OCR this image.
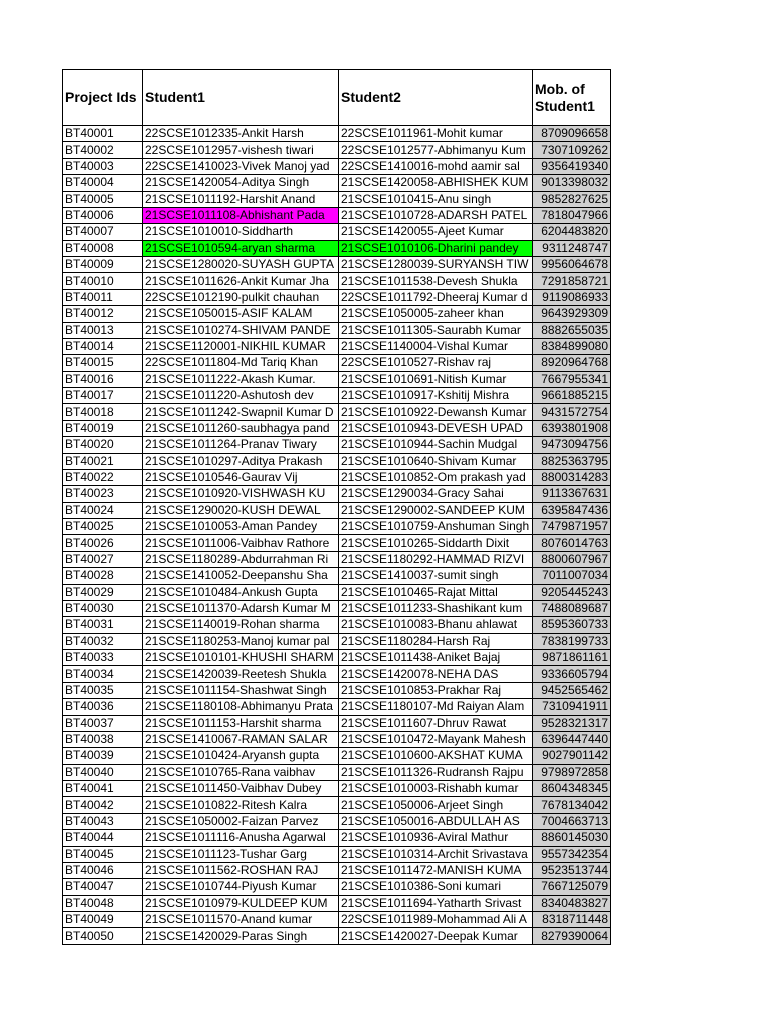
Project Ids	Student1	Student2	Mob. of Student1
BT40001	22SCSE1012335-Ankit Harsh	22SCSE1011961-Mohit kumar	8709096658
BT40002	22SCSE1012957-vishesh tiwari	22SCSE1012577-Abhimanyu Kum	7307109262
BT40003	22SCSE1410023-Vivek Manoj yad	22SCSE1410016-mohd aamir sal	9356419340
BT40004	21SCSE1420054-Aditya Singh	21SCSE1420058-ABHISHEK KUM	9013398032
BT40005	21SCSE1011192-Harshit Anand	21SCSE1010415-Anu singh	9852827625
BT40006	21SCSE1011108-Abhishant Pada	21SCSE1010728-ADARSH PATEL	7818047966
BT40007	21SCSE1010010-Siddharth	21SCSE1420055-Ajeet Kumar	6204483820
BT40008	21SCSE1010594-aryan sharma	21SCSE1010106-Dharini pandey	9311248747
BT40009	21SCSE1280020-SUYASH GUPTA	21SCSE1280039-SURYANSH TIW	9956064678
BT40010	21SCSE1011626-Ankit Kumar Jha	21SCSE1011538-Devesh Shukla	7291858721
BT40011	22SCSE1012190-pulkit chauhan	22SCSE1011792-Dheeraj Kumar d	9119086933
BT40012	21SCSE1050015-ASIF KALAM	21SCSE1050005-zaheer khan	9643929309
BT40013	21SCSE1010274-SHIVAM PANDE	21SCSE1011305-Saurabh Kumar	8882655035
BT40014	21SCSE1120001-NIKHIL KUMAR	21SCSE1140004-Vishal Kumar	8384899080
BT40015	22SCSE1011804-Md Tariq Khan	22SCSE1010527-Rishav raj	8920964768
BT40016	21SCSE1011222-Akash Kumar.	21SCSE1010691-Nitish Kumar	7667955341
BT40017	21SCSE1011220-Ashutosh dev	21SCSE1010917-Kshitij Mishra	9661885215
BT40018	21SCSE1011242-Swapnil Kumar D	21SCSE1010922-Dewansh Kumar	9431572754
BT40019	21SCSE1011260-saubhagya pand	21SCSE1010943-DEVESH UPAD	6393801908
BT40020	21SCSE1011264-Pranav Tiwary	21SCSE1010944-Sachin Mudgal	9473094756
BT40021	21SCSE1010297-Aditya Prakash	21SCSE1010640-Shivam Kumar	8825363795
BT40022	21SCSE1010546-Gaurav Vij	21SCSE1010852-Om prakash yad	8800314283
BT40023	21SCSE1010920-VISHWASH KU	21SCSE1290034-Gracy Sahai	9113367631
BT40024	21SCSE1290020-KUSH DEWAL	21SCSE1290002-SANDEEP KUM	6395847436
BT40025	21SCSE1010053-Aman Pandey	21SCSE1010759-Anshuman Singh	7479871957
BT40026	21SCSE1011006-Vaibhav Rathore	21SCSE1010265-Siddarth Dixit	8076014763
BT40027	21SCSE1180289-Abdurrahman Ri	21SCSE1180292-HAMMAD RIZVI	8800607967
BT40028	21SCSE1410052-Deepanshu Sha	21SCSE1410037-sumit singh	7011007034
BT40029	21SCSE1010484-Ankush Gupta	21SCSE1010465-Rajat Mittal	9205445243
BT40030	21SCSE1011370-Adarsh Kumar M	21SCSE1011233-Shashikant kum	7488089687
BT40031	21SCSE1140019-Rohan sharma	21SCSE1010083-Bhanu ahlawat	8595360733
BT40032	21SCSE1180253-Manoj kumar pal	21SCSE1180284-Harsh Raj	7838199733
BT40033	21SCSE1010101-KHUSHI SHARM	21SCSE1011438-Aniket Bajaj	9871861161
BT40034	21SCSE1420039-Reetesh Shukla	21SCSE1420078-NEHA DAS	9336605794
BT40035	21SCSE1011154-Shashwat Singh	21SCSE1010853-Prakhar Raj	9452565462
BT40036	21SCSE1180108-Abhimanyu Prata	21SCSE1180107-Md Raiyan Alam	7310941911
BT40037	21SCSE1011153-Harshit sharma	21SCSE1011607-Dhruv Rawat	9528321317
BT40038	21SCSE1410067-RAMAN SALAR	21SCSE1010472-Mayank Mahesh	6396447440
BT40039	21SCSE1010424-Aryansh gupta	21SCSE1010600-AKSHAT KUMA	9027901142
BT40040	21SCSE1010765-Rana vaibhav	21SCSE1011326-Rudransh Rajpu	9798972858
BT40041	21SCSE1011450-Vaibhav Dubey	21SCSE1010003-Rishabh kumar	8604348345
BT40042	21SCSE1010822-Ritesh Kalra	21SCSE1050006-Arjeet Singh	7678134042
BT40043	21SCSE1050002-Faizan Parvez	21SCSE1050016-ABDULLAH AS	7004663713
BT40044	21SCSE1011116-Anusha Agarwal	21SCSE1010936-Aviral Mathur	8860145030
BT40045	21SCSE1011123-Tushar Garg	21SCSE1010314-Archit Srivastava	9557342354
BT40046	21SCSE1011562-ROSHAN RAJ	21SCSE1011472-MANISH KUMA	9523513744
BT40047	21SCSE1010744-Piyush Kumar	21SCSE1010386-Soni kumari	7667125079
BT40048	21SCSE1010979-KULDEEP KUM	21SCSE1011694-Yatharth Srivast	8340483827
BT40049	21SCSE1011570-Anand kumar	22SCSE1011989-Mohammad Ali A	8318711448
BT40050	21SCSE1420029-Paras Singh	21SCSE1420027-Deepak Kumar	8279390064
